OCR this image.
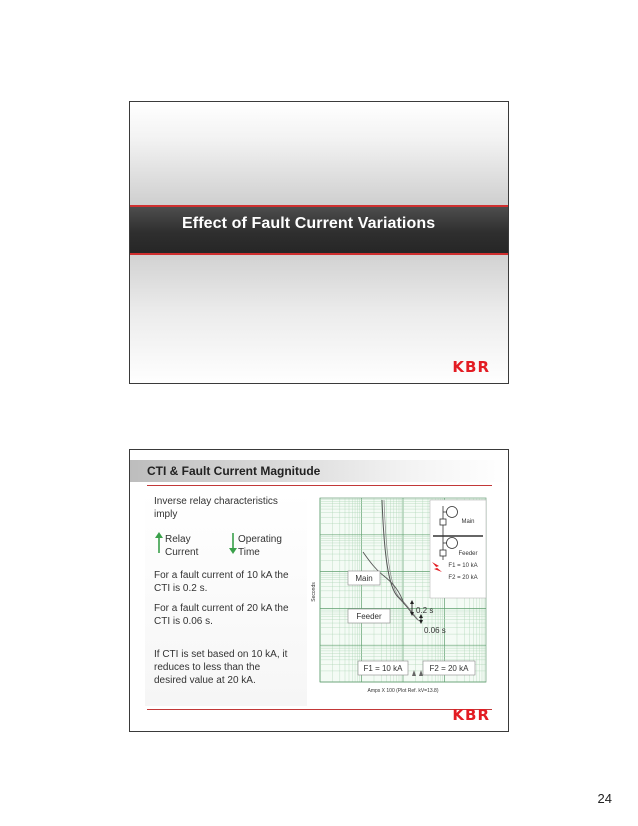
Effect of Fault Current Variations
KBR
CTI & Fault Current Magnitude
Inverse relay characteristics
imply
Relay
Current
Operating
Time
For a fault current of 10 kA the
CTI is 0.2 s.
For a fault current of 20 kA the
CTI is 0.06 s.
If CTI is set based on 10 kA, it
reduces to less than the
desired value at 20 kA.
Main
Feeder
0.2 s
0.06 s
F1 = 10 kA	F2 = 20 kA
Main
Feeder
F1 = 10 kA
F2 = 20 kA
Seconds
Amps X 100 (Plot Ref. kV=13.8)
KBR
24
